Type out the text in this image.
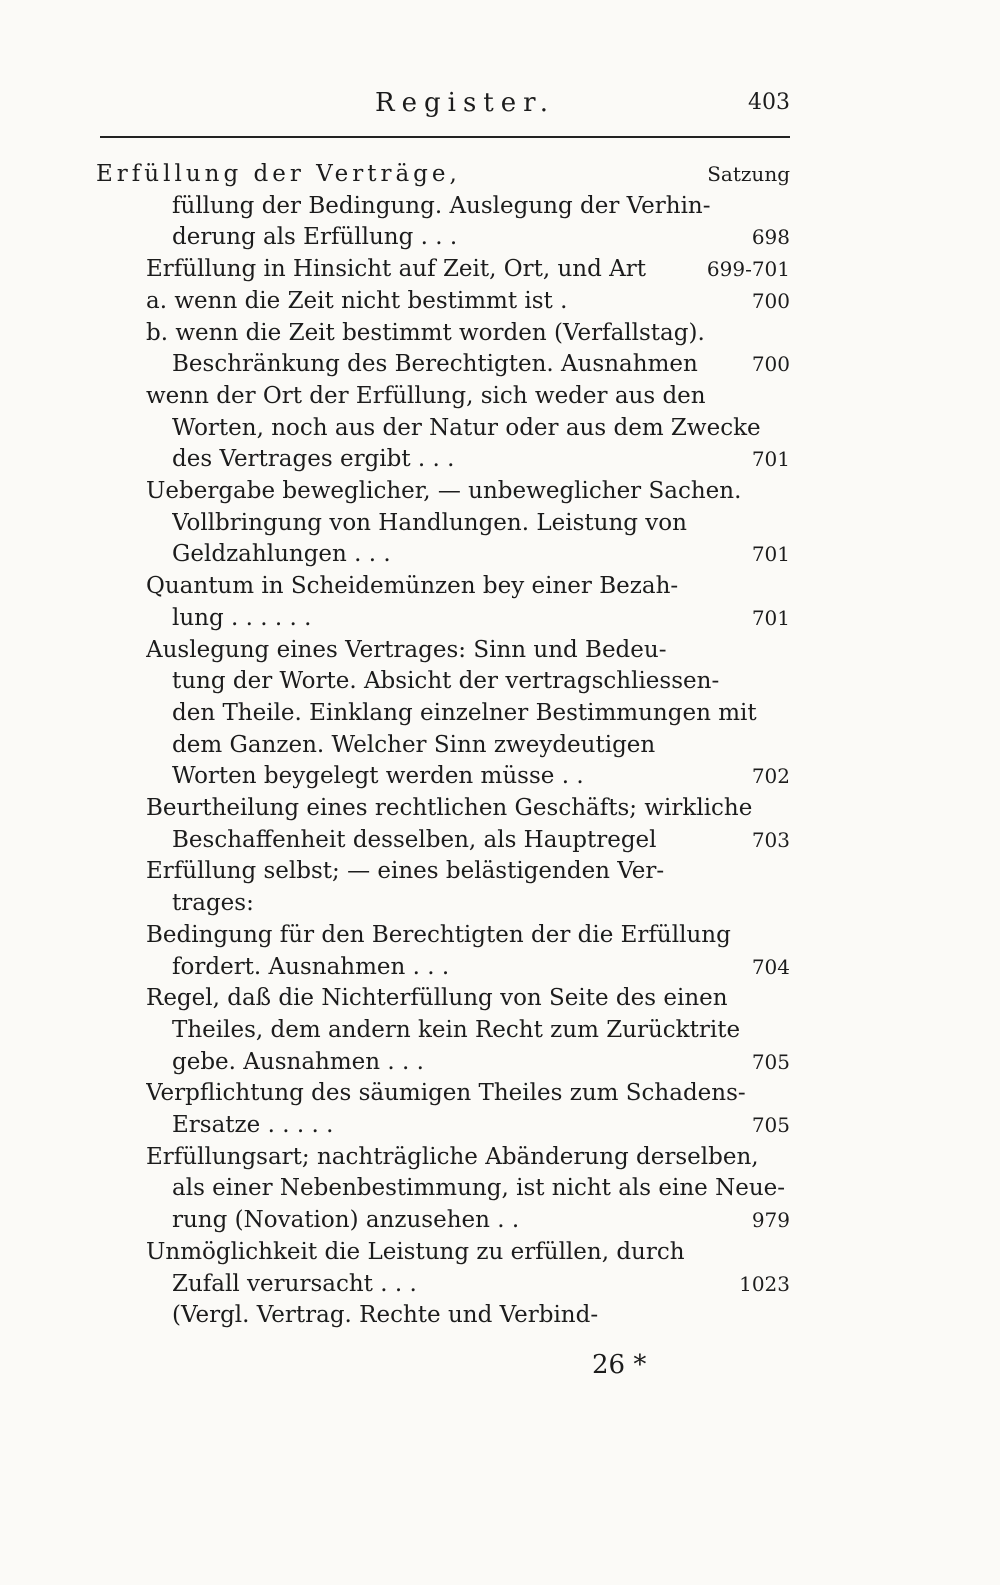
Register.	403
Erfüllung der Verträge,	Satzung
füllung der Bedingung. Auslegung der Verhin-
derung als Erfüllung . . .	698
Erfüllung in Hinsicht auf Zeit, Ort, und Art	699-701
a. wenn die Zeit nicht bestimmt ist .	700
b. wenn die Zeit bestimmt worden (Verfallstag).
Beschränkung des Berechtigten. Ausnahmen	700
wenn der Ort der Erfüllung, sich weder aus den
Worten, noch aus der Natur oder aus dem Zwecke
des Vertrages ergibt . . .	701
Uebergabe beweglicher, — unbeweglicher Sachen.
Vollbringung von Handlungen. Leistung von
Geldzahlungen . . .	701
Quantum in Scheidemünzen bey einer Bezah-
lung . . . . . .	701
Auslegung eines Vertrages: Sinn und Bedeu-
tung der Worte. Absicht der vertragschliessen-
den Theile. Einklang einzelner Bestimmungen mit
dem Ganzen. Welcher Sinn zweydeutigen
Worten beygelegt werden müsse . .	702
Beurtheilung eines rechtlichen Geschäfts; wirkliche
Beschaffenheit desselben, als Hauptregel	703
Erfüllung selbst; — eines belästigenden Ver-
trages:
Bedingung für den Berechtigten der die Erfüllung
fordert. Ausnahmen . . .	704
Regel, daß die Nichterfüllung von Seite des einen
Theiles, dem andern kein Recht zum Zurücktrite
gebe. Ausnahmen . . .	705
Verpflichtung des säumigen Theiles zum Schadens-
Ersatze . . . . .	705
Erfüllungsart; nachträgliche Abänderung derselben,
als einer Nebenbestimmung, ist nicht als eine Neue-
rung (Novation) anzusehen . .	979
Unmöglichkeit die Leistung zu erfüllen, durch
Zufall verursacht . . .	1023
(Vergl. Vertrag. Rechte und Verbind-
26 *
